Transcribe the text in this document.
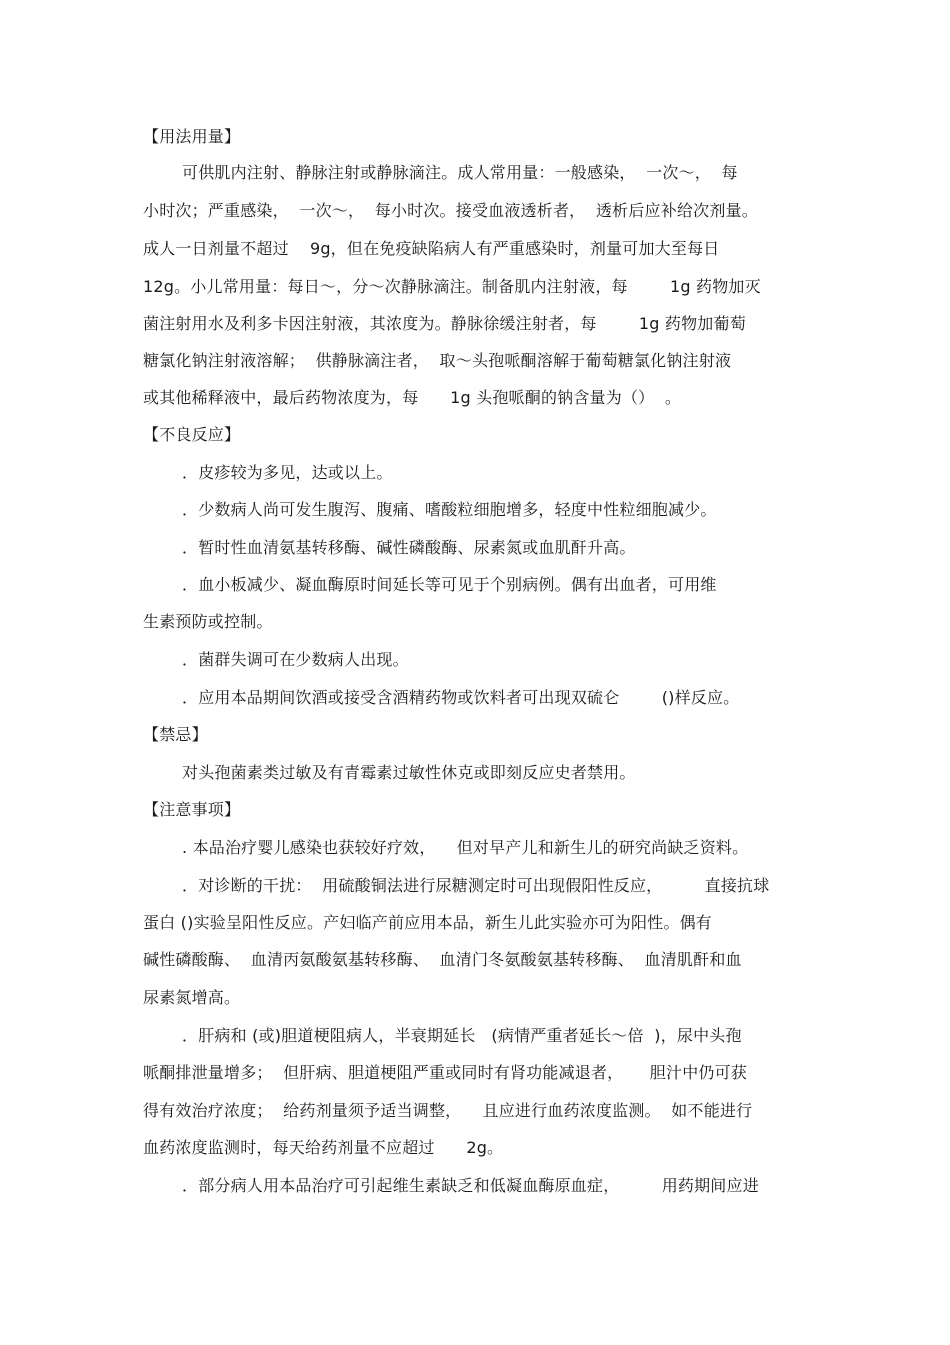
【用法用量】
可供肌内注射、静脉注射或静脉滴注。成人常用量：一般感染，  一次～，  每
小时次；严重感染，  一次～，  每小时次。接受血液透析者，  透析后应补给次剂量。
成人一日剂量不超过    9g，但在免疫缺陷病人有严重感染时，剂量可加大至每日
12g。小儿常用量：每日～，分～次静脉滴注。制备肌内注射液，每        1g 药物加灭
菌注射用水及利多卡因注射液，其浓度为。静脉徐缓注射者，每        1g 药物加葡萄
糖氯化钠注射液溶解；  供静脉滴注者，  取～头孢哌酮溶解于葡萄糖氯化钠注射液
或其他稀释液中，最后药物浓度为，每      1g 头孢哌酮的钠含量为（）  。
【不良反应】
．皮疹较为多见，达或以上。
．少数病人尚可发生腹泻、腹痛、嗜酸粒细胞增多，轻度中性粒细胞减少。
．暂时性血清氨基转移酶、碱性磷酸酶、尿素氮或血肌酐升高。
．血小板减少、凝血酶原时间延长等可见于个别病例。偶有出血者，可用维
生素预防或控制。
．菌群失调可在少数病人出现。
．应用本品期间饮酒或接受含酒精药物或饮料者可出现双硫仑        ()样反应。
【禁忌】
对头孢菌素类过敏及有青霉素过敏性休克或即刻反应史者禁用。
【注意事项】
. 本品治疗婴儿感染也获较好疗效，    但对早产儿和新生儿的研究尚缺乏资料。
．对诊断的干扰：  用硫酸铜法进行尿糖测定时可出现假阳性反应，        直接抗球
蛋白 ()实验呈阳性反应。产妇临产前应用本品，新生儿此实验亦可为阳性。偶有
碱性磷酸酶、  血清丙氨酸氨基转移酶、  血清门冬氨酸氨基转移酶、  血清肌酐和血
尿素氮增高。
．肝病和 (或)胆道梗阻病人，半衰期延长   (病情严重者延长～倍  )，尿中头孢
哌酮排泄量增多；  但肝病、胆道梗阻严重或同时有肾功能减退者，     胆汁中仍可获
得有效治疗浓度；  给药剂量须予适当调整，    且应进行血药浓度监测。  如不能进行
血药浓度监测时，每天给药剂量不应超过      2g。
．部分病人用本品治疗可引起维生素缺乏和低凝血酶原血症，        用药期间应进
